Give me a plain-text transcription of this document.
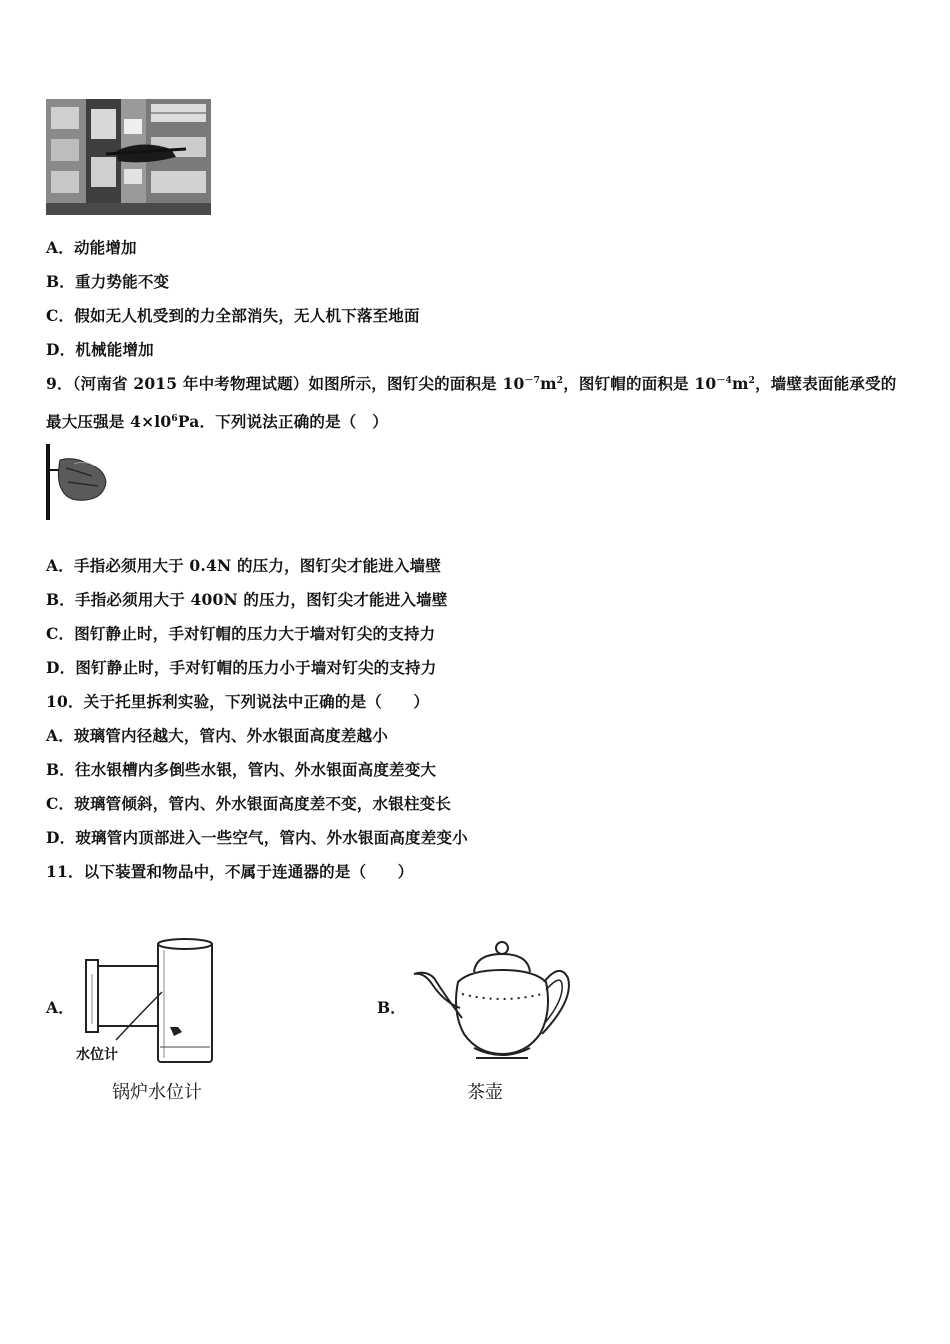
A．动能增加
B．重力势能不变
C．假如无人机受到的力全部消失，无人机下落至地面
D．机械能增加
9．（河南省 2015 年中考物理试题）如图所示，图钉尖的面积是 $10^{-7}m^2$，图钉帽的面积是 $10^{-4}m^2$，墙壁表面能承受的
最大压强是 $4\times l0^6Pa$．下列说法正确的是（　）
A．手指必须用大于 0.4N 的压力，图钉尖才能进入墙壁
B．手指必须用大于 400N 的压力，图钉尖才能进入墙壁
C．图钉静止时，手对钉帽的压力大于墙对钉尖的支持力
D．图钉静止时，手对钉帽的压力小于墙对钉尖的支持力
10．关于托里拆利实验，下列说法中正确的是（　　）
A．玻璃管内径越大，管内、外水银面高度差越小
B．往水银槽内多倒些水银，管内、外水银面高度差变大
C．玻璃管倾斜，管内、外水银面高度差不变，水银柱变长
D．玻璃管内顶部进入一些空气，管内、外水银面高度差变小
11．以下装置和物品中，不属于连通器的是（　　）
A．
水位计
锅炉水位计
B．
茶壶
